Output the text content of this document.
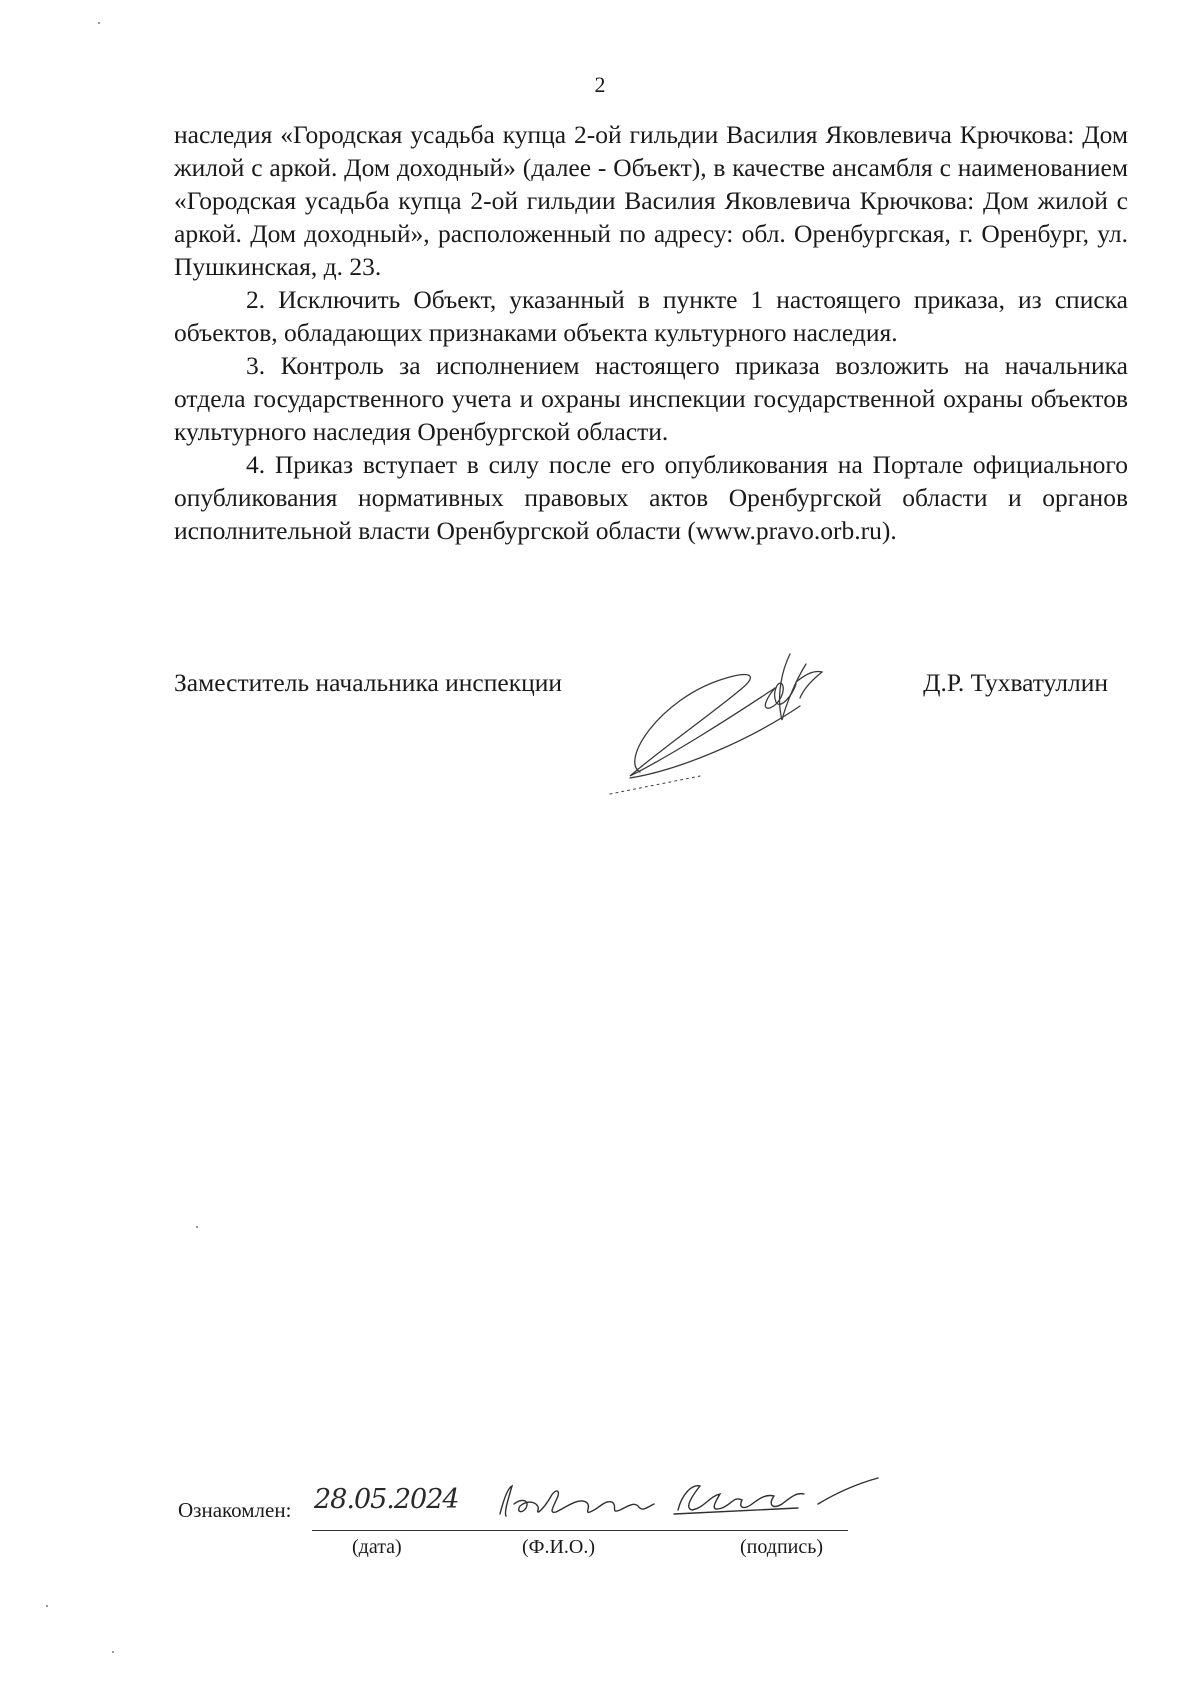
2

наследия «Городская усадьба купца 2-ой гильдии Василия Яковлевича Крючкова: Дом жилой с аркой. Дом доходный» (далее - Объект), в качестве ансамбля с наименованием «Городская усадьба купца 2-ой гильдии Василия Яковлевича Крючкова: Дом жилой с аркой. Дом доходный», расположенный по адресу: обл. Оренбургская, г. Оренбург, ул. Пушкинская, д. 23.

2. Исключить Объект, указанный в пункте 1 настоящего приказа, из списка объектов, обладающих признаками объекта культурного наследия.

3. Контроль за исполнением настоящего приказа возложить на начальника отдела государственного учета и охраны инспекции государственной охраны объектов культурного наследия Оренбургской области.

4. Приказ вступает в силу после его опубликования на Портале официального опубликования нормативных правовых актов Оренбургской области и органов исполнительной власти Оренбургской области (www.pravo.orb.ru).

Заместитель начальника инспекции	Д.Р. Тухватуллин
Ознакомлен: 28.05.2024
(дата)	(Ф.И.О.)	(подпись)
